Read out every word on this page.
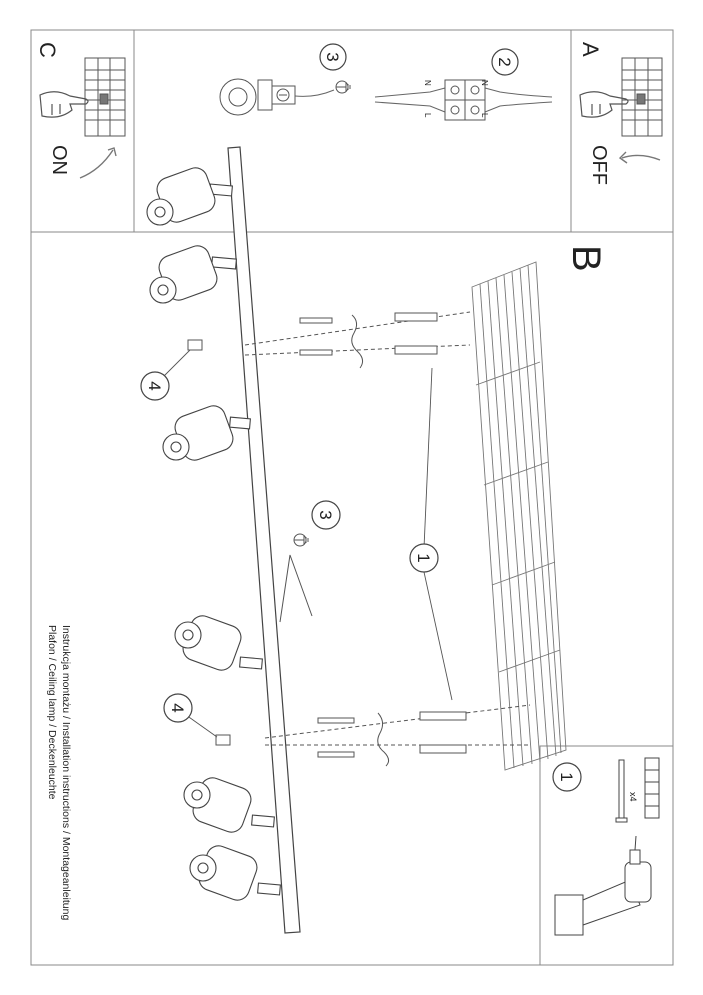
C
ON
A
OFF
3
2
N
L
N
L
B
1
3
4
4
1
x4
Instrukcja montażu / Installation instructions / Montageanleitung
Plafon / Ceiling lamp / Deckenleuchte
